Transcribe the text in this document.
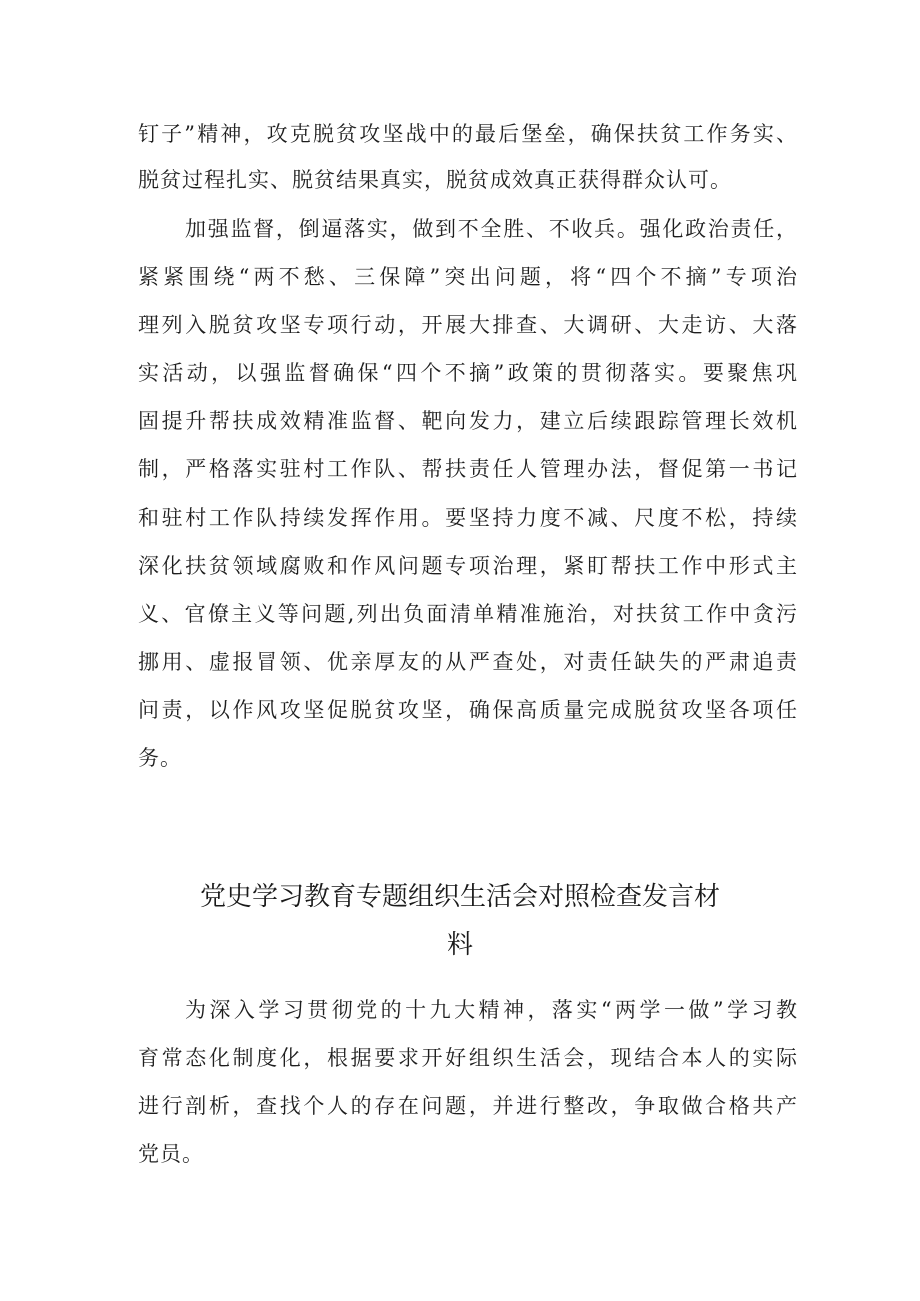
钉子”精神，攻克脱贫攻坚战中的最后堡垒，确保扶贫工作务实、
脱贫过程扎实、脱贫结果真实，脱贫成效真正获得群众认可。
加强监督，倒逼落实，做到不全胜、不收兵。强化政治责任，
紧紧围绕“两不愁、三保障”突出问题，将“四个不摘”专项治
理列入脱贫攻坚专项行动，开展大排查、大调研、大走访、大落
实活动，以强监督确保“四个不摘”政策的贯彻落实。要聚焦巩
固提升帮扶成效精准监督、靶向发力，建立后续跟踪管理长效机
制，严格落实驻村工作队、帮扶责任人管理办法，督促第一书记
和驻村工作队持续发挥作用。要坚持力度不减、尺度不松，持续
深化扶贫领域腐败和作风问题专项治理，紧盯帮扶工作中形式主
义、官僚主义等问题,列出负面清单精准施治，对扶贫工作中贪污
挪用、虚报冒领、优亲厚友的从严查处，对责任缺失的严肃追责
问责，以作风攻坚促脱贫攻坚，确保高质量完成脱贫攻坚各项任
务。
党史学习教育专题组织生活会对照检查发言材
料
为深入学习贯彻党的十九大精神，落实“两学一做”学习教
育常态化制度化，根据要求开好组织生活会，现结合本人的实际
进行剖析，查找个人的存在问题，并进行整改，争取做合格共产
党员。
